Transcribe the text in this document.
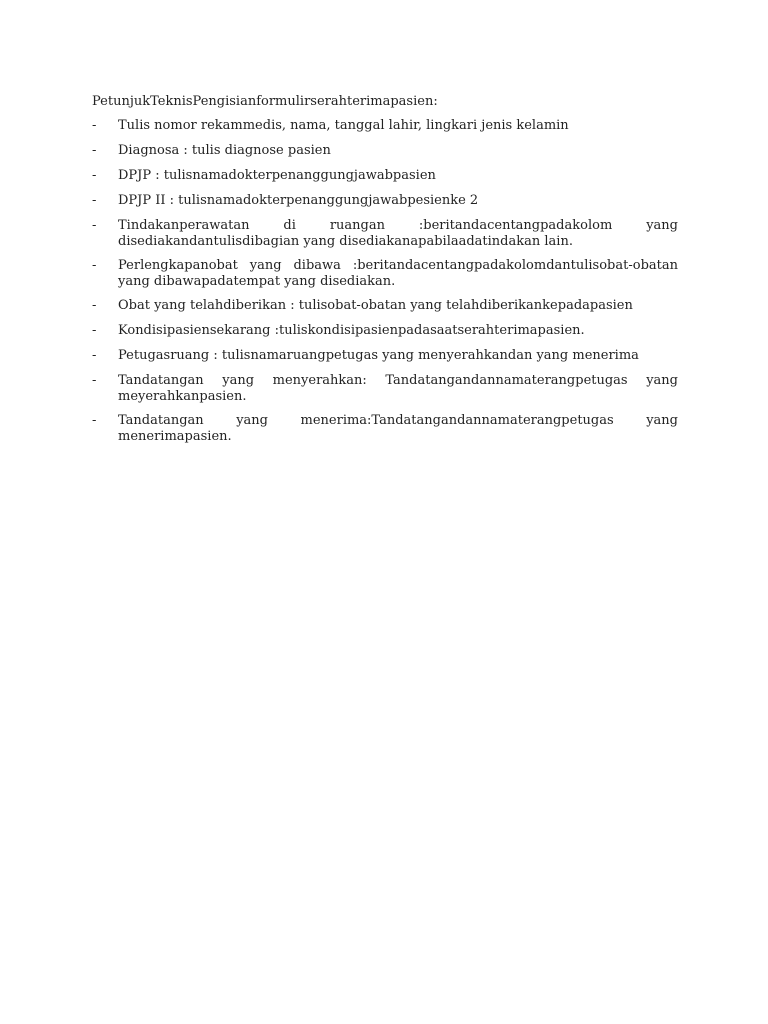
PetunjukTeknisPengisianformulirserahterimapasien:
-	Tulis nomor rekammedis, nama, tanggal lahir, lingkari jenis kelamin
-	Diagnosa : tulis diagnose pasien
-	DPJP : tulisnamadokterpenanggungjawabpasien
-	DPJP II : tulisnamadokterpenanggungjawabpesienke 2
-	Tindakanperawatan di ruangan :beritandacentangpadakolom yang disediakandantulisdibagian yang disediakanapabilaadatindakan lain.
-	Perlengkapanobat yang dibawa :beritandacentangpadakolomdantulisobat-obatan yang dibawapadatempat yang disediakan.
-	Obat yang telahdiberikan : tulisobat-obatan yang telahdiberikankepadapasien
-	Kondisipasiensekarang :tuliskondisipasienpadasaatserahterimapasien.
-	Petugasruang : tulisnamaruangpetugas yang menyerahkandan yang menerima
-	Tandatangan yang menyerahkan: Tandatangandannamaterangpetugas yang meyerahkanpasien.
-	Tandatangan yang menerima:Tandatangandannamaterangpetugas yang menerimapasien.
